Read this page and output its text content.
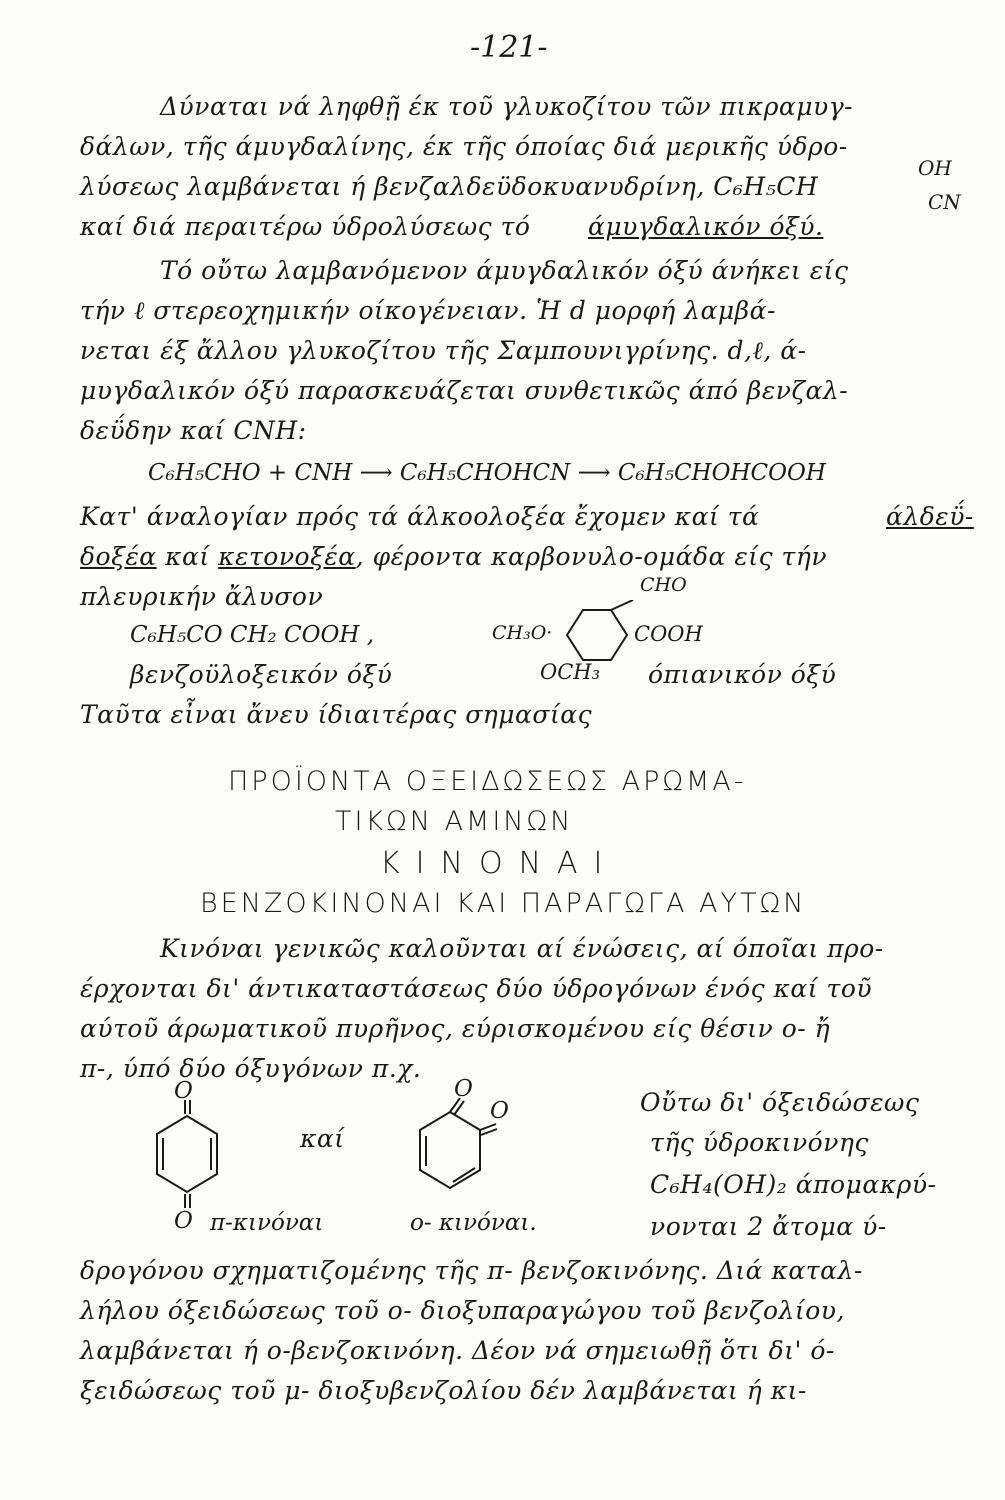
-121-
Δύναται νά ληφθῇ έκ τοῦ γλυκοζίτου τῶν πικραμυγ-
δάλων, τῆς άμυγδαλίνης, έκ τῆς όποίας διά μερικῆς ύδρο-
λύσεως λαμβάνεται ή βενζαλδεϋδοκυανυδρίνη, C₆H₅CH
OH
CN
καί διά περαιτέρω ύδρολύσεως τό άμυγδαλικόν όξύ.
Τό οὔτω λαμβανόμενον άμυγδαλικόν όξύ άνήκει είς
τήν ℓ στερεοχημικήν οίκογένειαν. Ἡ d μορφή λαμβά-
νεται έξ ἄλλου γλυκοζίτου τῆς Σαμπουνιγρίνης. d,ℓ, ά-
μυγδαλικόν όξύ παρασκευάζεται συνθετικῶς άπό βενζαλ-
δεΰδην καί CNH:
C₆H₅CHO + CNH ⟶ C₆H₅CHOHCN ⟶ C₆H₅CHOHCOOH
Κατ' άναλογίαν πρός τά άλκοολοξέα ἔχομεν καί τά	άλδεΰ-
δοξέα καί κετονοξέα, φέροντα καρβονυλο-ομάδα είς τήν
πλευρικήν ἄλυσον
C₆H₅CO CH₂ COOH ,
βενζοϋλοξεικόν όξύ
CHO
CH₃O·	COOH
OCH₃ όπιανικόν όξύ
Ταῦτα εἶναι ἄνευ ίδιαιτέρας σημασίας
ΠΡΟΪΟΝΤΑ ΟΞΕΙΔΩΣΕΩΣ ΑΡΩΜΑ-
ΤΙΚΩΝ ΑΜΙΝΩΝ
ΚΙΝΟΝΑΙ
ΒΕΝΖΟΚΙΝΟΝΑΙ ΚΑΙ ΠΑΡΑΓΩΓΑ ΑΥΤΩΝ
Κινόναι γενικῶς καλοῦνται αί ένώσεις, αί όποῖαι προ-
έρχονται δι' άντικαταστάσεως δύο ύδρογόνων ένός καί τοῦ
αύτοῦ άρωματικοῦ πυρῆνος, εύρισκομένου είς θέσιν o- ἤ
π-, ύπό δύο όξυγόνων π.χ.
O
O π-κινόναι
καί
O
O
o- κινόναι.
Οὔτω δι' όξειδώσεως
τῆς ύδροκινόνης
C₆H₄(OH)₂ άπομακρύ-
νονται 2 ἄτομα ύ-
δρογόνου σχηματιζομένης τῆς π- βενζοκινόνης. Διά καταλ-
λήλου όξειδώσεως τοῦ o- διοξυπαραγώγου τοῦ βενζολίου,
λαμβάνεται ή o-βενζοκινόνη. Δέον νά σημειωθῇ ὅτι δι' ό-
ξειδώσεως τοῦ μ- διοξυβενζολίου δέν λαμβάνεται ή κι-
